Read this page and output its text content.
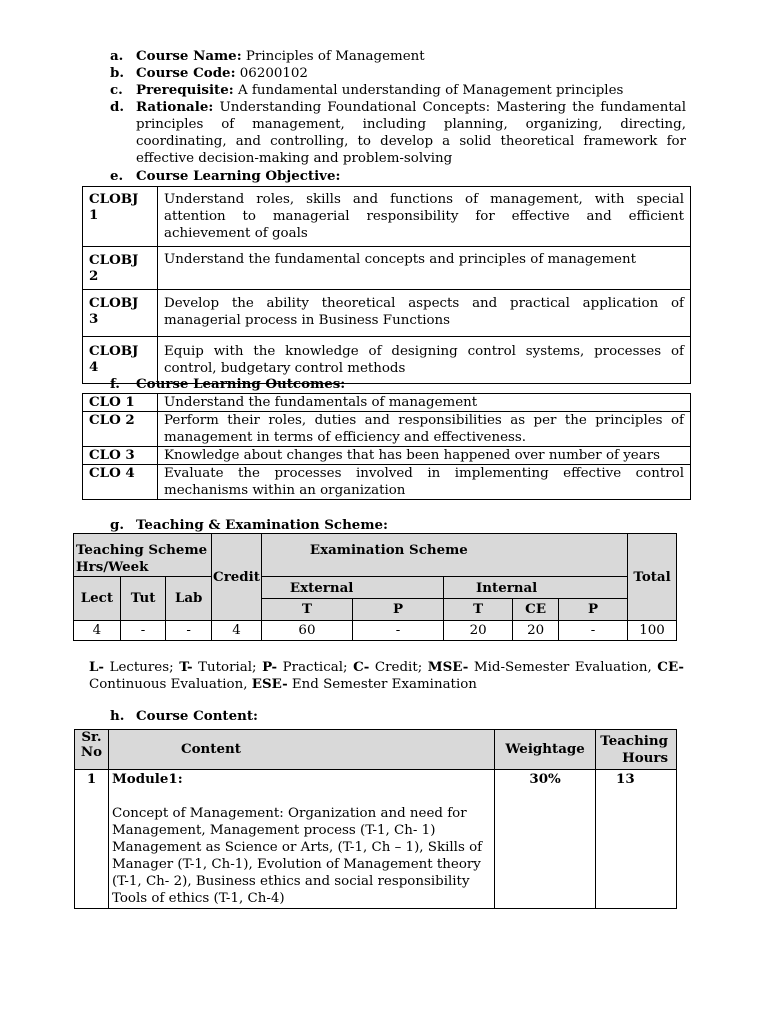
a. Course Name: Principles of Management
b. Course Code: 06200102
c. Prerequisite: A fundamental understanding of Management principles
d. Rationale: Understanding Foundational Concepts: Mastering the fundamental principles of management, including planning, organizing, directing, coordinating, and controlling, to develop a solid theoretical framework for effective decision-making and problem-solving
e. Course Learning Objective:
CLOBJ 1	Understand roles, skills and functions of management, with special attention to managerial responsibility for effective and efficient achievement of goals
CLOBJ 2	Understand the fundamental concepts and principles of management
CLOBJ 3	Develop the ability theoretical aspects and practical application of managerial process in Business Functions
CLOBJ 4	Equip with the knowledge of designing control systems, processes of control, budgetary control methods
f. Course Learning Outcomes:
CLO 1	Understand the fundamentals of management
CLO 2	Perform their roles, duties and responsibilities as per the principles of management in terms of efficiency and effectiveness.
CLO 3	Knowledge about changes that has been happened over number of years
CLO 4	Evaluate the processes involved in implementing effective control mechanisms within an organization
g. Teaching & Examination Scheme:
Teaching Scheme Hrs/Week			Credit	Examination Scheme					Total
Lect	Tut	Lab		External		Internal			
				T	P	T	CE	P	
4	-	-	4	60	-	20	20	-	100
L- Lectures; T- Tutorial; P- Practical; C- Credit; MSE- Mid-Semester Evaluation, CE-Continuous Evaluation, ESE- End Semester Examination
h. Course Content:
Sr. No	Content	Weightage	Teaching Hours
1	Module1:
Concept of Management: Organization and need for Management, Management process (T-1, Ch- 1) Management as Science or Arts, (T-1, Ch – 1), Skills of Manager (T-1, Ch-1), Evolution of Management theory (T-1, Ch- 2), Business ethics and social responsibility Tools of ethics (T-1, Ch-4)	30%	13
